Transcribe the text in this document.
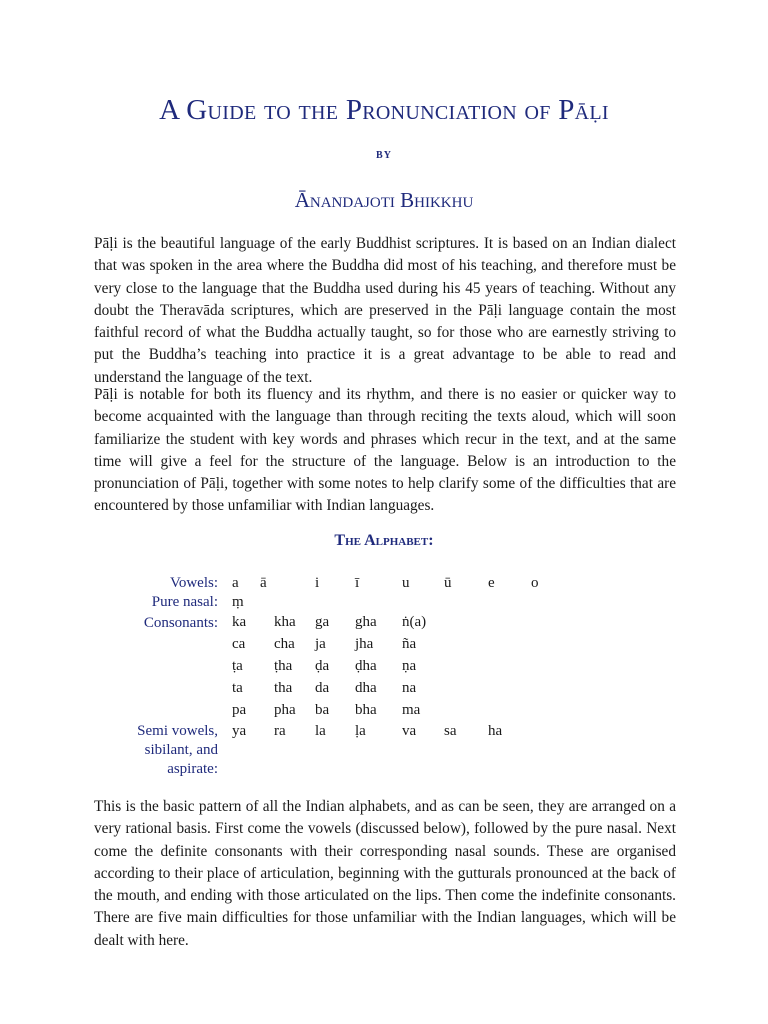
A Guide to the Pronunciation of Pāḷi
BY
Ānandajoti Bhikkhu

Pāḷi is the beautiful language of the early Buddhist scriptures. It is based on an Indian dialect that was spoken in the area where the Buddha did most of his teaching, and therefore must be very close to the language that the Buddha used during his 45 years of teaching. Without any doubt the Theravāda scriptures, which are preserved in the Pāḷi language contain the most faithful record of what the Buddha actually taught, so for those who are earnestly striving to put the Buddha’s teaching into practice it is a great advantage to be able to read and understand the language of the text.

Pāḷi is notable for both its fluency and its rhythm, and there is no easier or quicker way to become acquainted with the language than through reciting the texts aloud, which will soon familiarize the student with key words and phrases which recur in the text, and at the same time will give a feel for the structure of the language. Below is an introduction to the pronunciation of Pāḷi, together with some notes to help clarify some of the difficulties that are encountered by those unfamiliar with Indian languages.

The Alphabet:
Vowels: a ā	i ī	u ū e o
Pure nasal: ṃ
Consonants: ka kha ga gha ṅ(a)
ca cha ja jha ña
ṭa ṭha ḍa ḍha ṇa
ta tha da dha na
pa pha ba bha ma
Semi vowels, sibilant, and aspirate:
ya ra la ḷa va sa ha

This is the basic pattern of all the Indian alphabets, and as can be seen, they are arranged on a very rational basis. First come the vowels (discussed below), followed by the pure nasal. Next come the definite consonants with their corresponding nasal sounds. These are organised according to their place of articulation, beginning with the gutturals pronounced at the back of the mouth, and ending with those articulated on the lips. Then come the indefinite consonants. There are five main difficulties for those unfamiliar with the Indian languages, which will be dealt with here.
